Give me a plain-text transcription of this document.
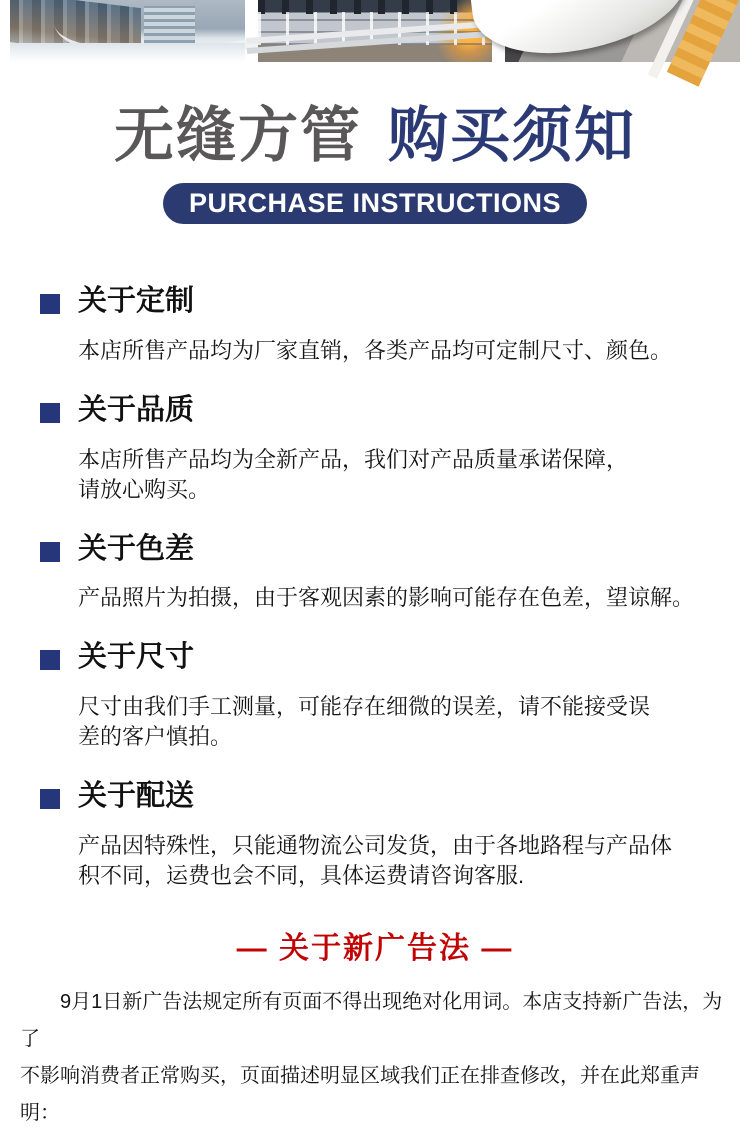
无缝方管 购买须知
PURCHASE INSTRUCTIONS
关于定制
本店所售产品均为厂家直销，各类产品均可定制尺寸、颜色。
关于品质
本店所售产品均为全新产品，我们对产品质量承诺保障，
请放心购买。
关于色差
产品照片为拍摄，由于客观因素的影响可能存在色差，望谅解。
关于尺寸
尺寸由我们手工测量，可能存在细微的误差，请不能接受误
差的客户慎拍。
关于配送
产品因特殊性，只能通物流公司发货，由于各地路程与产品体
积不同，运费也会不同，具体运费请咨询客服.
— 关于新广告法 —
9月1日新广告法规定所有页面不得出现绝对化用词。本店支持新广告法，为了
不影响消费者正常购买，页面描述明显区域我们正在排查修改，并在此郑重声明：
